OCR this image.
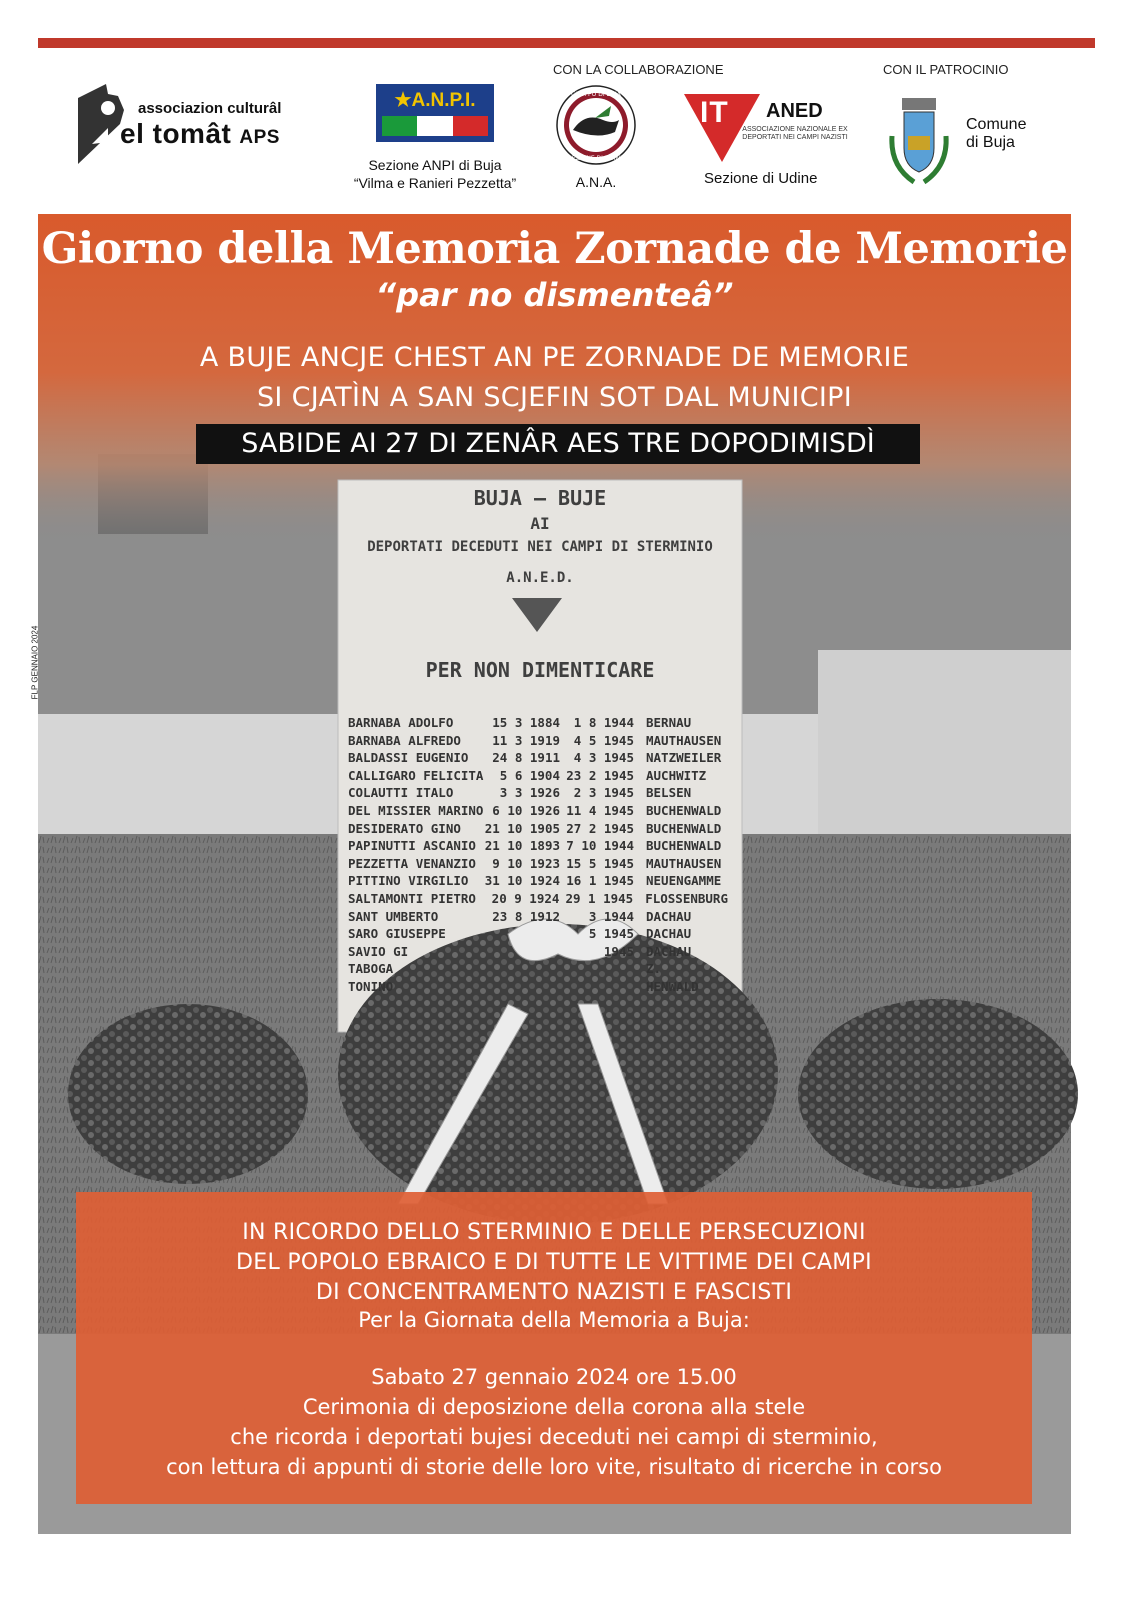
CON LA COLLABORAZIONE	CON IL PATROCINIO
associazion culturâl
el tomât APS
★A.N.P.I.
Sezione ANPI di Buja
“Vilma e Ranieri Pezzetta”
GRUPPO DI BUJA
SEZIONE DI UDINE
A.N.A.
IT ANED
ASSOCIAZIONE NAZIONALE EX DEPORTATI NEI CAMPI NAZISTI
Sezione di Udine
Comune
di Buja
Giorno della Memoria Zornade de Memorie
“par no dismenteâ”
A BUJE ANCJE CHEST AN PE ZORNADE DE MEMORIE
SI CJATÌN A SAN SCJEFIN SOT DAL MUNICIPI
SABIDE AI 27 DI ZENÂR AES TRE DOPODIMISDÌ
FLP GENNAIO 2024
BUJA — BUJE
AI
DEPORTATI DECEDUTI NEI CAMPI DI STERMINIO
A.N.E.D.
PER NON DIMENTICARE
BARNABA ADOLFO	15 3 1884	1 8 1944 BERNAU
BARNABA ALFREDO	11 3 1919	4 5 1945 MAUTHAUSEN
BALDASSI EUGENIO	24 8 1911	4 3 1945 NATZWEILER
CALLIGARO FELICITA	5 6 1904 23 2 1945 AUCHWITZ
COLAUTTI ITALO	3 3 1926	2 3 1945 BELSEN
DEL MISSIER MARINO 6 10 1926 11 4 1945 BUCHENWALD
DESIDERATO GINO	21 10 1905 27 2 1945 BUCHENWALD
PAPINUTTI ASCANIO 21 10 1893 7 10 1944 BUCHENWALD
PEZZETTA VENANZIO	9 10 1923 15 5 1945 MAUTHAUSEN
PITTINO VIRGILIO	31 10 1924 16 1 1945 NEUENGAMME
SALTAMONTI PIETRO	20 9 1924 29 1 1945 FLOSSENBURG
SANT UMBERTO	23 8 1912	3 1944 DACHAU
SARO GIUSEPPE	5 1945 DACHAU
SAVIO GI	1945 DACHAU
TABOGA	Z.
TONINO	HENWALD
IN RICORDO DELLO STERMINIO E DELLE PERSECUZIONI
DEL POPOLO EBRAICO E DI TUTTE LE VITTIME DEI CAMPI
DI CONCENTRAMENTO NAZISTI E FASCISTI
Per la Giornata della Memoria a Buja:
Sabato 27 gennaio 2024 ore 15.00
Cerimonia di deposizione della corona alla stele
che ricorda i deportati bujesi deceduti nei campi di sterminio,
con lettura di appunti di storie delle loro vite, risultato di ricerche in corso
